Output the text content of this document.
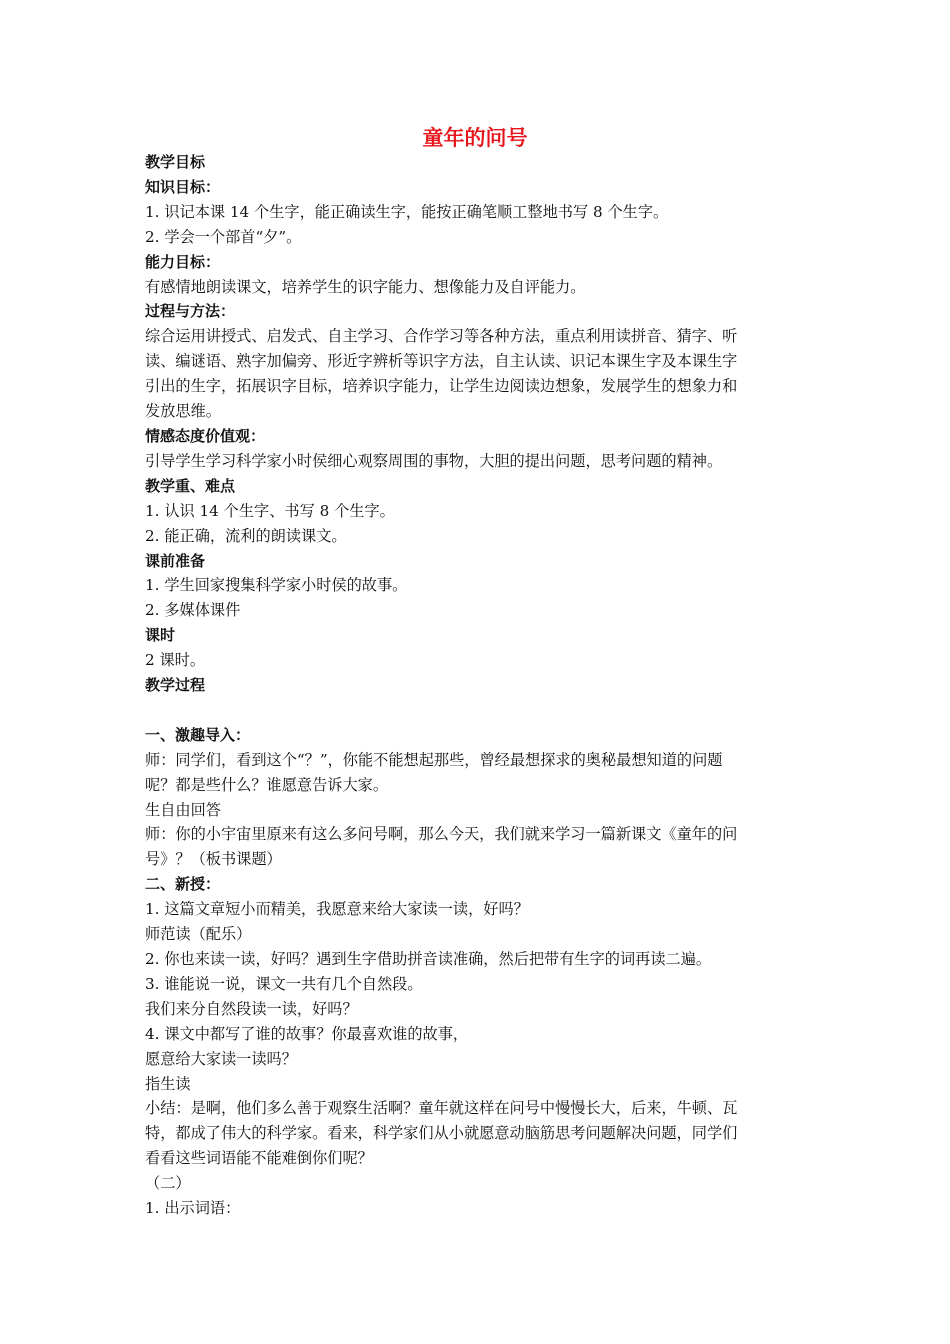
童年的问号
教学目标
知识目标：
1. 识记本课 14 个生字，能正确读生字，能按正确笔顺工整地书写 8 个生字。
2. 学会一个部首“夕”。
能力目标：
有感情地朗读课文，培养学生的识字能力、想像能力及自评能力。
过程与方法：
综合运用讲授式、启发式、自主学习、合作学习等各种方法，重点利用读拼音、猜字、听
读、编谜语、熟字加偏旁、形近字辨析等识字方法，自主认读、识记本课生字及本课生字
引出的生字，拓展识字目标，培养识字能力，让学生边阅读边想象，发展学生的想象力和
发放思维。
情感态度价值观：
引导学生学习科学家小时侯细心观察周围的事物，大胆的提出问题，思考问题的精神。
教学重、难点
1. 认识 14 个生字、书写 8 个生字。
2. 能正确，流利的朗读课文。
课前准备
1. 学生回家搜集科学家小时侯的故事。
2. 多媒体课件
课时
2 课时。
教学过程
一、激趣导入：
师：同学们，看到这个“？”，你能不能想起那些，曾经最想探求的奥秘最想知道的问题
呢？都是些什么？谁愿意告诉大家。
生自由回答
师：你的小宇宙里原来有这么多问号啊，那么今天，我们就来学习一篇新课文《童年的问
号》？（板书课题）
二、新授：
1. 这篇文章短小而精美，我愿意来给大家读一读，好吗？
师范读（配乐）
2. 你也来读一读，好吗？遇到生字借助拼音读准确，然后把带有生字的词再读二遍。
3. 谁能说一说，课文一共有几个自然段。
我们来分自然段读一读，好吗？
4. 课文中都写了谁的故事？你最喜欢谁的故事，
愿意给大家读一读吗？
指生读
小结：是啊，他们多么善于观察生活啊？童年就这样在问号中慢慢长大，后来，牛顿、瓦
特，都成了伟大的科学家。看来，科学家们从小就愿意动脑筋思考问题解决问题，同学们
看看这些词语能不能难倒你们呢？
（二）
1. 出示词语：
